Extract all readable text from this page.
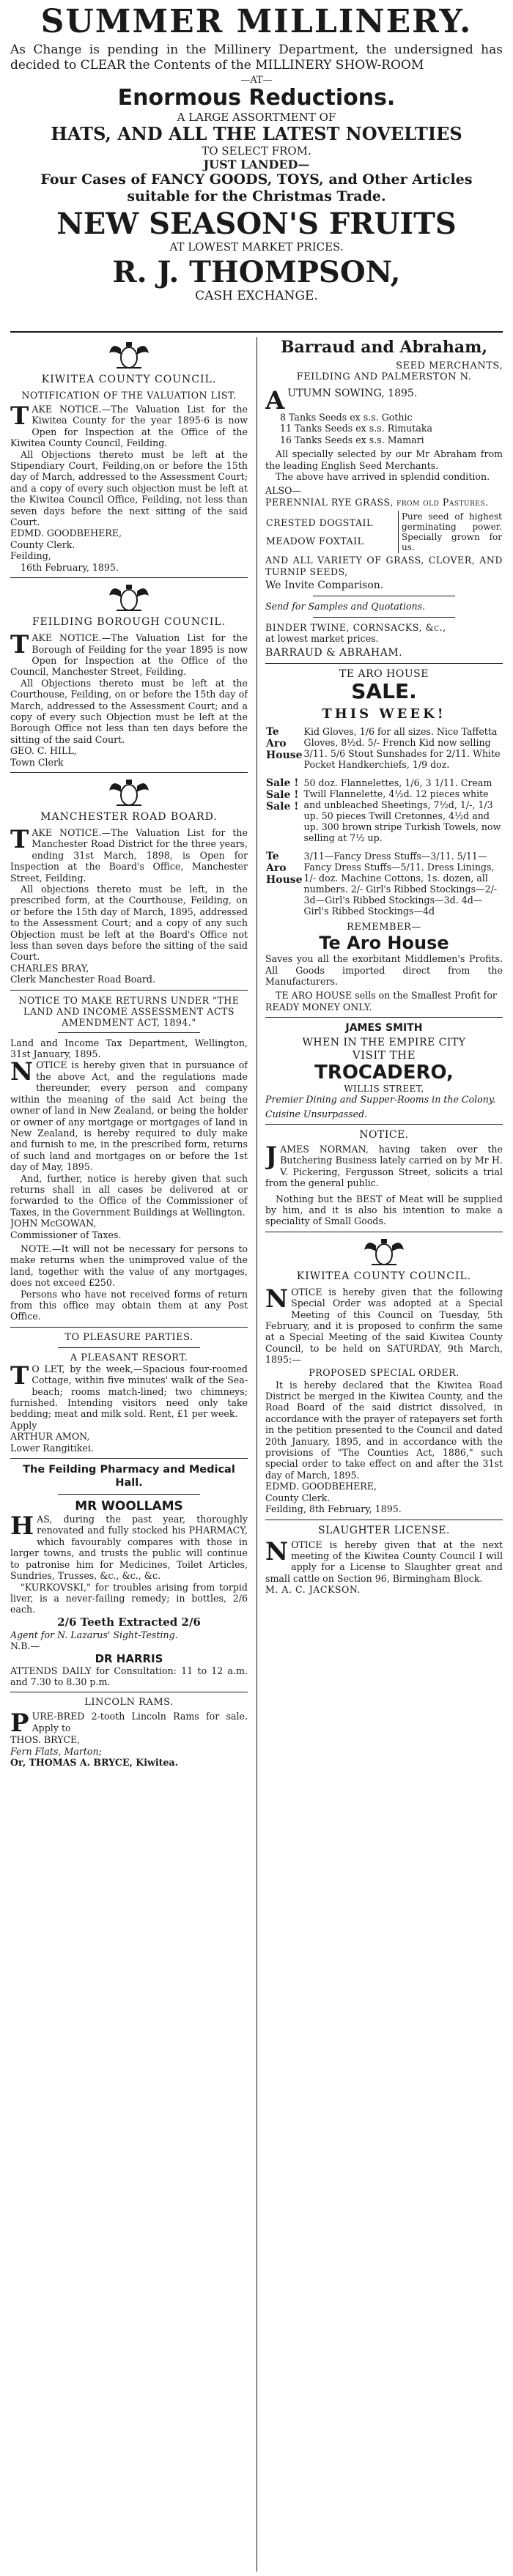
SUMMER MILLINERY.

As Change is pending in the Millinery Department, the undersigned has decided to CLEAR the Contents of the MILLINERY SHOW-ROOM

—AT—
Enormous Reductions.
A LARGE ASSORTMENT OF
HATS, AND ALL THE LATEST NOVELTIES
TO SELECT FROM.
JUST LANDED—
Four Cases of FANCY GOODS, TOYS, and Other Articles suitable for the Christmas Trade.
NEW SEASON'S FRUITS
AT LOWEST MARKET PRICES.
R. J. THOMPSON,
CASH EXCHANGE.
KIWITEA COUNTY COUNCIL.
NOTIFICATION OF THE VALUATION LIST.

TAKE NOTICE.—The Valuation List for the Kiwitea County for the year 1895-6 is now Open for Inspection at the Office of the Kiwitea County Council, Feilding.

All Objections thereto must be left at the Stipendiary Court, Feilding,on or before the 15th day of March, addressed to the Assessment Court; and a copy of every such objection must be left at the Kiwitea Council Office, Feilding, not less than seven days before the next sitting of the said Court.

EDMD. GOODBEHERE,
County Clerk.
Feilding,
16th February, 1895.
FEILDING BOROUGH COUNCIL.

TAKE NOTICE.—The Valuation List for the Borough of Feilding for the year 1895 is now Open for Inspection at the Office of the Council, Manchester Street, Feilding.

All Objections thereto must be left at the Courthouse, Feilding, on or before the 15th day of March, addressed to the Assessment Court; and a copy of every such Objection must be left at the Borough Office not less than ten days before the sitting of the said Court.

GEO. C. HILL,
Town Clerk
MANCHESTER ROAD BOARD.

TAKE NOTICE.—The Valuation List for the Manchester Road District for the three years, ending 31st March, 1898, is Open for Inspection at the Board's Office, Manchester Street, Feilding.

All objections thereto must be left, in the prescribed form, at the Courthouse, Feilding, on or before the 15th day of March, 1895, addressed to the Assessment Court; and a copy of any such Objection must be left at the Board's Office not less than seven days before the sitting of the said Court.

CHARLES BRAY,
Clerk Manchester Road Board.
NOTICE TO MAKE RETURNS UNDER "THE LAND AND INCOME ASSESSMENT ACTS AMENDMENT ACT, 1894."
Land and Income Tax Department, Wellington, 31st January, 1895.

NOTICE is hereby given that in pursuance of the above Act, and the regulations made thereunder, every person and company within the meaning of the said Act being the owner of land in New Zealand, or being the holder or owner of any mortgage or mortgages of land in New Zealand, is hereby required to duly make and furnish to me, in the prescribed form, returns of such land and mortgages on or before the 1st day of May, 1895.

And, further, notice is hereby given that such returns shall in all cases be delivered at or forwarded to the Office of the Commissioner of Taxes, in the Government Buildings at Wellington.

JOHN McGOWAN,
Commissioner of Taxes.

NOTE.—It will not be necessary for persons to make returns when the unimproved value of the land, together with the value of any mortgages, does not exceed £250.

Persons who have not received forms of return from this office may obtain them at any Post Office.

TO PLEASURE PARTIES.
A PLEASANT RESORT.

T O LET, by the week,—Spacious four-roomed Cottage, within five minutes' walk of the Sea-beach; rooms match-lined; two chimneys; furnished. Intending visitors need only take bedding; meat and milk sold. Rent, £1 per week.

Apply
ARTHUR AMON,
Lower Rangitikei.
The Feilding Pharmacy and Medical Hall.
MR WOOLLAMS

HAS, during the past year, thoroughly renovated and fully stocked his PHARMACY, which favourably compares with those in larger towns, and trusts the public will continue to patronise him for Medicines, Toilet Articles, Sundries, Trusses, &c., &c., &c.

"KURKOVSKI," for troubles arising from torpid liver, is a never-failing remedy; in bottles, 2/6 each.

2/6 Teeth Extracted 2/6
Agent for N. Lazarus' Sight-Testing.
N.B.—
DR HARRIS
ATTENDS DAILY for Consultation: 11 to 12 a.m. and 7.30 to 8.30 p.m.
LINCOLN RAMS.

PURE-BRED 2-tooth Lincoln Rams for sale. Apply to

THOS. BRYCE,
Fern Flats, Marton;
Or, THOMAS A. BRYCE, Kiwitea.
Barraud and Abraham,
SEED MERCHANTS,
FEILDING AND PALMERSTON N.

AUTUMN SOWING, 1895.

8 Tanks Seeds ex s.s. Gothic
11 Tanks Seeds ex s.s. Rimutaka
16 Tanks Seeds ex s.s. Mamari

All specially selected by our Mr Abraham from the leading English Seed Merchants.

The above have arrived in splendid condition.

ALSO—
PERENNIAL RYE GRASS, from old Pastures.
CRESTED DOGSTAIL
MEADOW FOXTAIL

Pure seed of highest germinating power. Specially grown for us.
AND ALL VARIETY OF GRASS, CLOVER, AND TURNIP SEEDS,
We Invite Comparison.
Send for Samples and Quotations.
BINDER TWINE, CORNSACKS, &c.,
at lowest market prices.
BARRAUD & ABRAHAM.
TE ARO HOUSE
SALE.
THIS WEEK!
Te Aro House	Kid Gloves, 1/6 for all sizes. Nice Taffetta Gloves, 8½d. 5/- French Kid now selling 3/11. 5/6 Stout Sunshades for 2/11. White Pocket Handkerchiefs, 1/9 doz.

Sale ! Sale ! Sale !	50 doz. Flannelettes, 1/6, 3 1/11. Cream Twill Flannelette, 4½d. 12 pieces white and unbleached Sheetings, 7½d, 1/-, 1/3 up. 50 pieces Twill Cretonnes, 4½d and up. 300 brown stripe Turkish Towels, now selling at 7½ up.

Te Aro House	3/11—Fancy Dress Stuffs—3/11. 5/11—Fancy Dress Stuffs—5/11. Dress Linings, 1/- doz. Machine Cottons, 1s. dozen, all numbers. 2/- Girl's Ribbed Stockings—2/- 3d—Girl's Ribbed Stockings—3d. 4d—Girl's Ribbed Stockings—4d
REMEMBER—
Te Aro House

Saves you all the exorbitant Middlemen's Profits. All Goods imported direct from the Manufacturers.

TE ARO HOUSE sells on the Smallest Profit for

READY MONEY ONLY.
JAMES SMITH
WHEN IN THE EMPIRE CITY
VISIT THE
TROCADERO,
WILLIS STREET,
Premier Dining and Supper-Rooms in the Colony.
Cuisine Unsurpassed.
NOTICE.

JAMES NORMAN, having taken over the Butchering Business lately carried on by Mr H. V. Pickering, Fergusson Street, solicits a trial from the general public.

Nothing but the BEST of Meat will be supplied by him, and it is also his intention to make a speciality of Small Goods.

KIWITEA COUNTY COUNCIL.

NOTICE is hereby given that the following Special Order was adopted at a Special Meeting of this Council on Tuesday, 5th February, and it is proposed to confirm the same at a Special Meeting of the said Kiwitea County Council, to be held on SATURDAY, 9th March, 1895:—

PROPOSED SPECIAL ORDER.

It is hereby declared that the Kiwitea Road District be merged in the Kiwitea County, and the Road Board of the said district dissolved, in accordance with the prayer of ratepayers set forth in the petition presented to the Council and dated 20th January, 1895, and in accordance with the provisions of "The Counties Act, 1886," such special order to take effect on and after the 31st day of March, 1895.

EDMD. GOODBEHERE,
County Clerk.
Feilding, 8th February, 1895.
SLAUGHTER LICENSE.

NOTICE is hereby given that at the next meeting of the Kiwitea County Council I will apply for a License to Slaughter great and small cattle on Section 96, Birmingham Block.

M. A. C. JACKSON.
